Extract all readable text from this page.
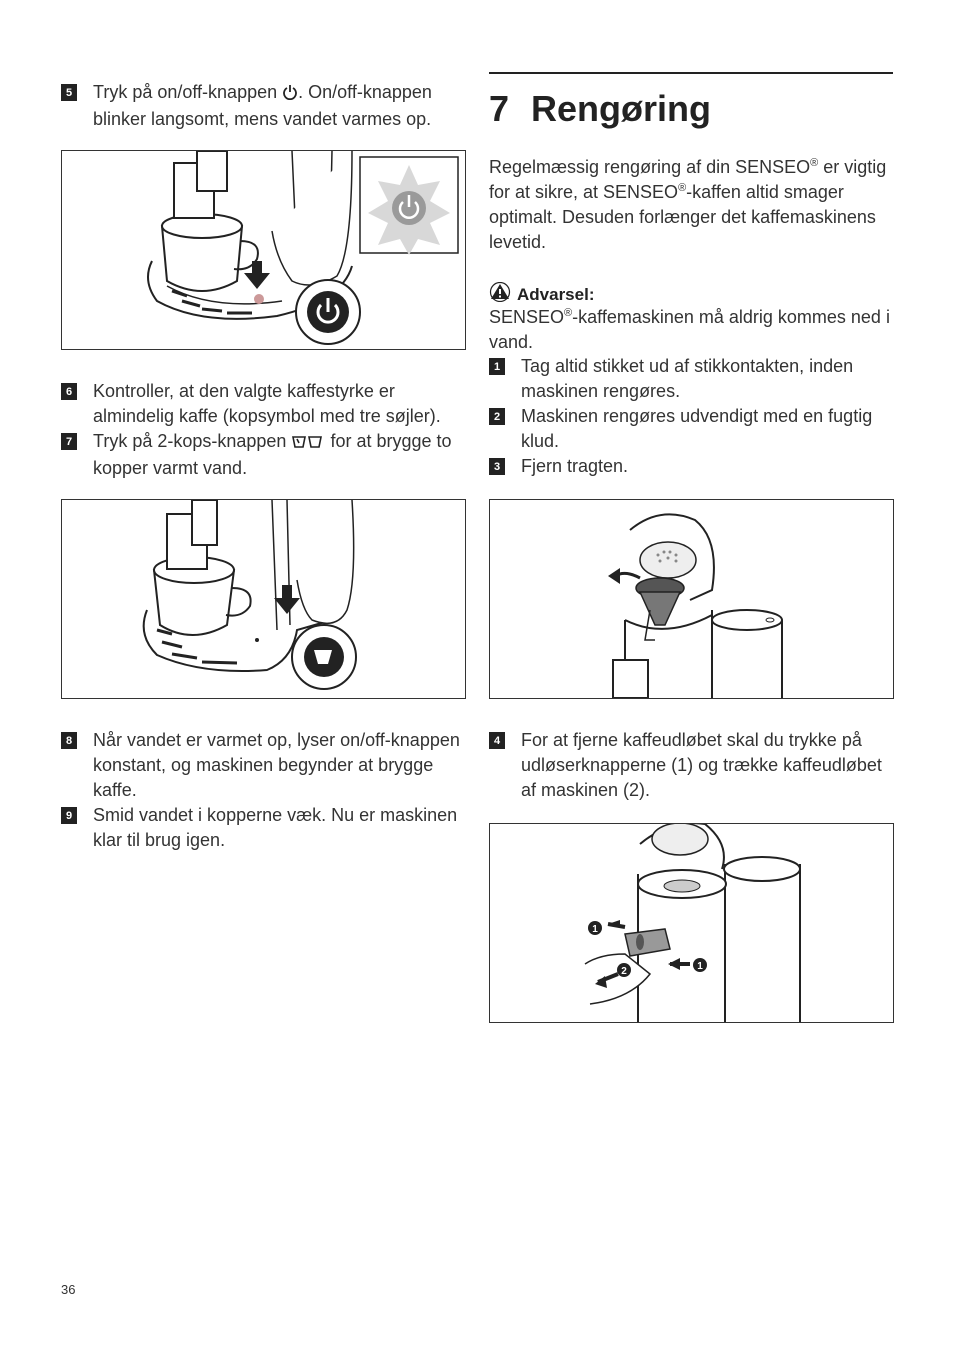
5 Tryk på on/off-knappen . On/off-knappen blinker langsomt, mens vandet varmes op.
6 Kontroller, at den valgte kaffestyrke er almindelig kaffe (kopsymbol med tre søjler).
7 Tryk på 2-kops-knappen  for at brygge to kopper varmt vand.
8 Når vandet er varmet op, lyser on/off-knappen konstant, og maskinen begynder at brygge kaffe.
9 Smid vandet i kopperne væk. Nu er maskinen klar til brug igen.
7 Rengøring
Regelmæssig rengøring af din SENSEO® er vigtig for at sikre, at SENSEO®-kaffen altid smager optimalt. Desuden forlænger det kaffemaskinens levetid.
Advarsel:
SENSEO®-kaffemaskinen må aldrig kommes ned i vand.
1 Tag altid stikket ud af stikkontakten, inden maskinen rengøres.
2 Maskinen rengøres udvendigt med en fugtig klud.
3 Fjern tragten.
4 For at fjerne kaffeudløbet skal du trykke på udløserknapperne (1) og trække kaffeudløbet af maskinen (2).
1
1
2
36
